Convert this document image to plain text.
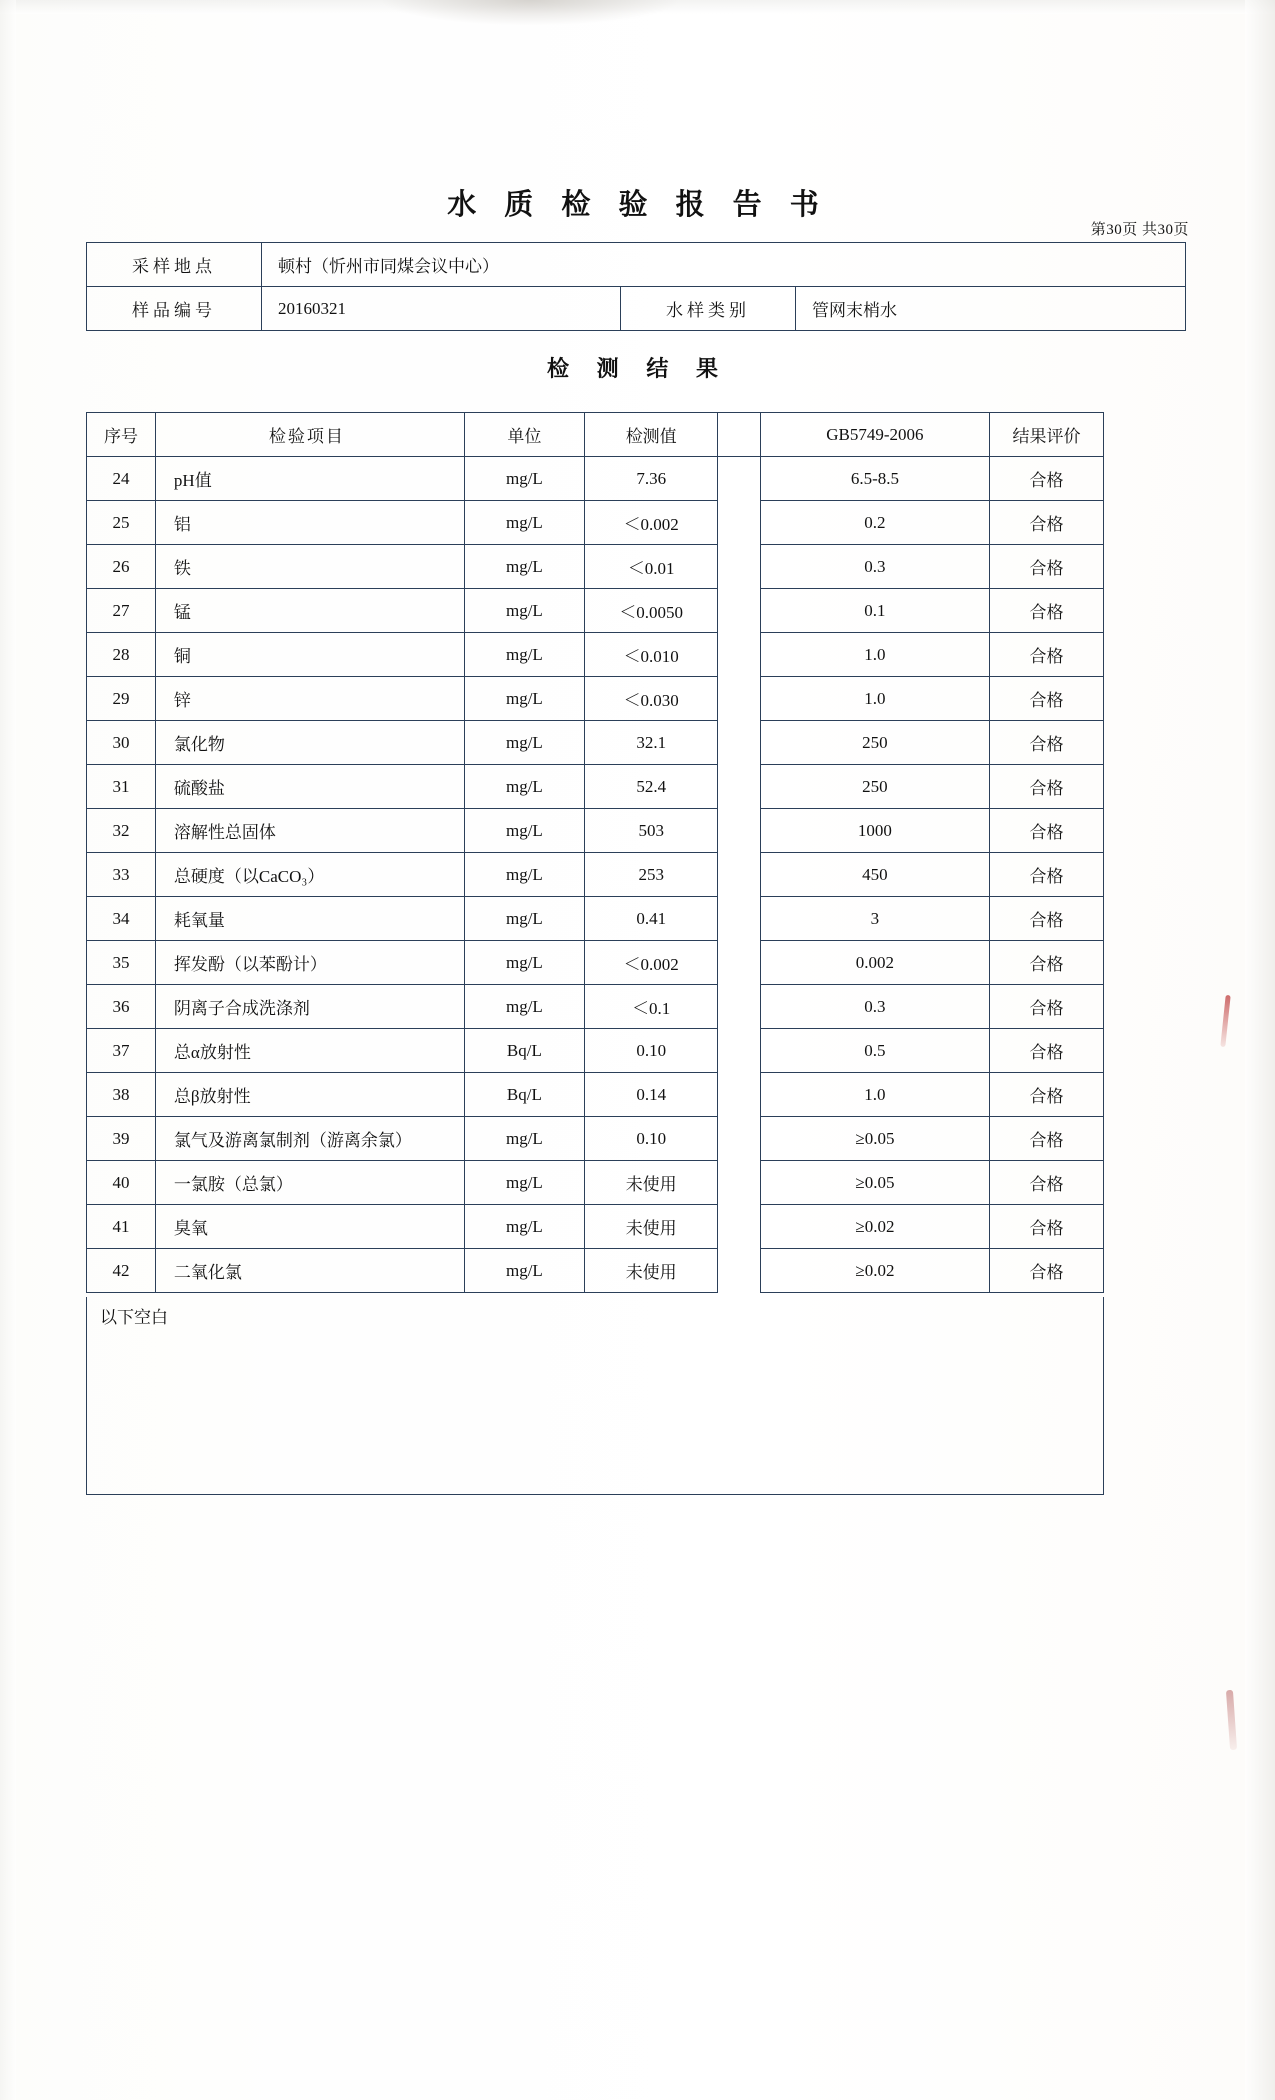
水 质 检 验 报 告 书
第30页 共30页
采样地点	顿村（忻州市同煤会议中心）		
样品编号	20160321	水样类别	管网末梢水
检 测 结 果
序号	检验项目	单位	检测值		GB5749-2006	结果评价
24	pH值	mg/L	7.36		6.5-8.5	合格
25	铝	mg/L	＜0.002		0.2	合格
26	铁	mg/L	＜0.01		0.3	合格
27	锰	mg/L	＜0.0050		0.1	合格
28	铜	mg/L	＜0.010		1.0	合格
29	锌	mg/L	＜0.030		1.0	合格
30	氯化物	mg/L	32.1		250	合格
31	硫酸盐	mg/L	52.4		250	合格
32	溶解性总固体	mg/L	503		1000	合格
33	总硬度（以CaCO₃）	mg/L	253		450	合格
34	耗氧量	mg/L	0.41		3	合格
35	挥发酚（以苯酚计）	mg/L	＜0.002		0.002	合格
36	阴离子合成洗涤剂	mg/L	＜0.1		0.3	合格
37	总α放射性	Bq/L	0.10		0.5	合格
38	总β放射性	Bq/L	0.14		1.0	合格
39	氯气及游离氯制剂（游离余氯）	mg/L	0.10		≥0.05	合格
40	一氯胺（总氯）	mg/L	未使用		≥0.05	合格
41	臭氧	mg/L	未使用		≥0.02	合格
42	二氧化氯	mg/L	未使用		≥0.02	合格
以下空白
